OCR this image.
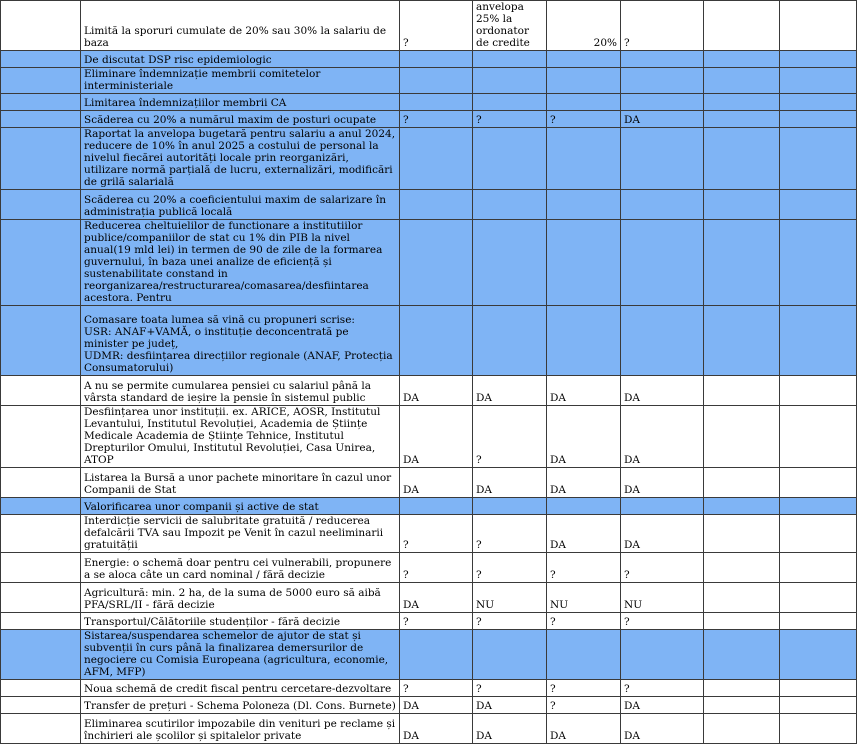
	Limită la sporuri cumulate de 20% sau 30% la salariu de baza	?	anvelopa 25% la ordonator de credite	20%	?		
	De discutat DSP risc epidemiologic						
	Eliminare îndemnizație membrii comitetelor interministeriale						
	Limitarea îndemnizațiilor membrii CA						
	Scăderea cu 20% a numărul maxim de posturi ocupate	?	?	?	DA		
	Raportat la anvelopa bugetară pentru salariu a anul 2024, reducere de 10% în anul 2025 a costului de personal la nivelul fiecărei autorități locale prin reorganizări, utilizare normă parțială de lucru, externalizări, modificări de grilă salarială						
	Scăderea cu 20% a coeficientului maxim de salarizare în administrația publică locală						
	Reducerea cheltuielilor de functionare a institutiilor publice/companiilor de stat cu 1% din PIB la nivel anual(19 mld lei) in termen de 90 de zile de la formarea guvernului, în baza unei analize de eficiență și sustenabilitate constand in reorganizarea/restructurarea/comasarea/desfiintarea acestora. Pentru						
	Comasare toata lumea să vină cu propuneri scrise:
USR: ANAF+VAMĂ, o instituție deconcentrată pe minister pe județ,
UDMR: desființarea direcțiilor regionale (ANAF, Protecția Consumatorului)						
	A nu se permite cumularea pensiei cu salariul până la vârsta standard de ieșire la pensie în sistemul public	DA	DA	DA	DA		
	Desființarea unor instituții. ex. ARICE, AOSR, Institutul Levantului, Institutul Revoluției, Academia de Științe Medicale Academia de Științe Tehnice, Institutul Drepturilor Omului, Institutul Revoluției, Casa Unirea, ATOP	DA	?	DA	DA		
	Listarea la Bursă a unor pachete minoritare în cazul unor Companii de Stat	DA	DA	DA	DA		
	Valorificarea unor companii și active de stat						
	Interdicție servicii de salubritate gratuită / reducerea defalcării TVA sau Impozit pe Venit în cazul neeliminarii gratuității	?	?	DA	DA		
	Energie: o schemă doar pentru cei vulnerabili, propunere a se aloca câte un card nominal / fără decizie	?	?	?	?		
	Agricultură: min. 2 ha, de la suma de 5000 euro să aibă PFA/SRL/II - fără decizie	DA	NU	NU	NU		
	Transportul/Călătoriile studenților - fără decizie	?	?	?	?		
	Sistarea/suspendarea schemelor de ajutor de stat și subvenții în curs până la finalizarea demersurilor de negociere cu Comisia Europeana (agricultura, economie, AFM, MFP)						
	Noua schemă de credit fiscal pentru cercetare-dezvoltare	?	?	?	?		
	Transfer de prețuri - Schema Poloneza (Dl. Cons. Burnete)	DA	DA	?	DA		
	Eliminarea scutirilor impozabile din venituri pe reclame și închirieri ale școlilor și spitalelor private	DA	DA	DA	DA		
